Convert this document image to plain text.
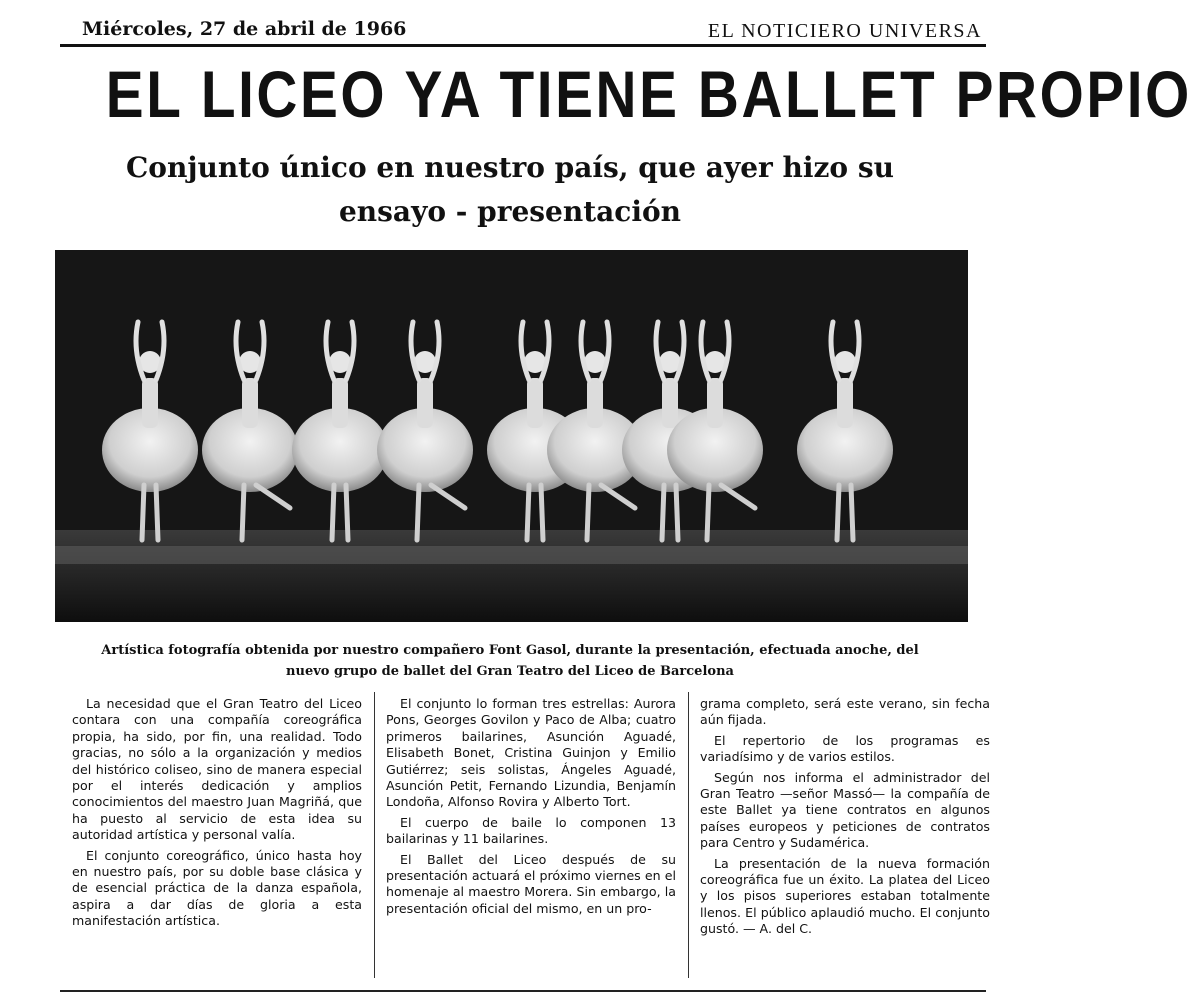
Miércoles, 27 de abril de 1966	EL NOTICIERO UNIVERSA
EL LICEO YA TIENE BALLET PROPIO
Conjunto único en nuestro país, que ayer hizo su
ensayo - presentación
Artística fotografía obtenida por nuestro compañero Font Gasol, durante la presentación, efectuada anoche, del
nuevo grupo de ballet del Gran Teatro del Liceo de Barcelona

La necesidad que el Gran Teatro del Liceo contara con una compañía coreográfica propia, ha sido, por fin, una realidad. Todo gracias, no sólo a la organización y medios del histórico coliseo, sino de manera especial por el interés dedicación y amplios conocimientos del maestro Juan Magriñá, que ha puesto al servicio de esta idea su autoridad artística y personal valía.

El conjunto coreográfico, único hasta hoy en nuestro país, por su doble base clásica y de esencial práctica de la danza española, aspira a dar días de gloria a esta manifestación artística.

El conjunto lo forman tres estrellas: Aurora Pons, Georges Govilon y Paco de Alba; cuatro primeros bailarines, Asunción Aguadé, Elisabeth Bonet, Cristina Guinjon y Emilio Gutiérrez; seis solistas, Ángeles Aguadé, Asunción Petit, Fernando Lizundia, Benjamín Londoña, Alfonso Rovira y Alberto Tort.

El cuerpo de baile lo componen 13 bailarinas y 11 bailarines.

El Ballet del Liceo después de su presentación actuará el próximo viernes en el homenaje al maestro Morera. Sin embargo, la presentación oficial del mismo, en un pro-

grama completo, será este verano, sin fecha aún fijada.

El repertorio de los programas es variadísimo y de varios estilos.

Según nos informa el administrador del Gran Teatro —señor Massó— la compañía de este Ballet ya tiene contratos en algunos países europeos y peticiones de contratos para Centro y Sudamérica.

La presentación de la nueva formación coreográfica fue un éxito. La platea del Liceo y los pisos superiores estaban totalmente llenos. El público aplaudió mucho. El conjunto gustó. — A. del C.
